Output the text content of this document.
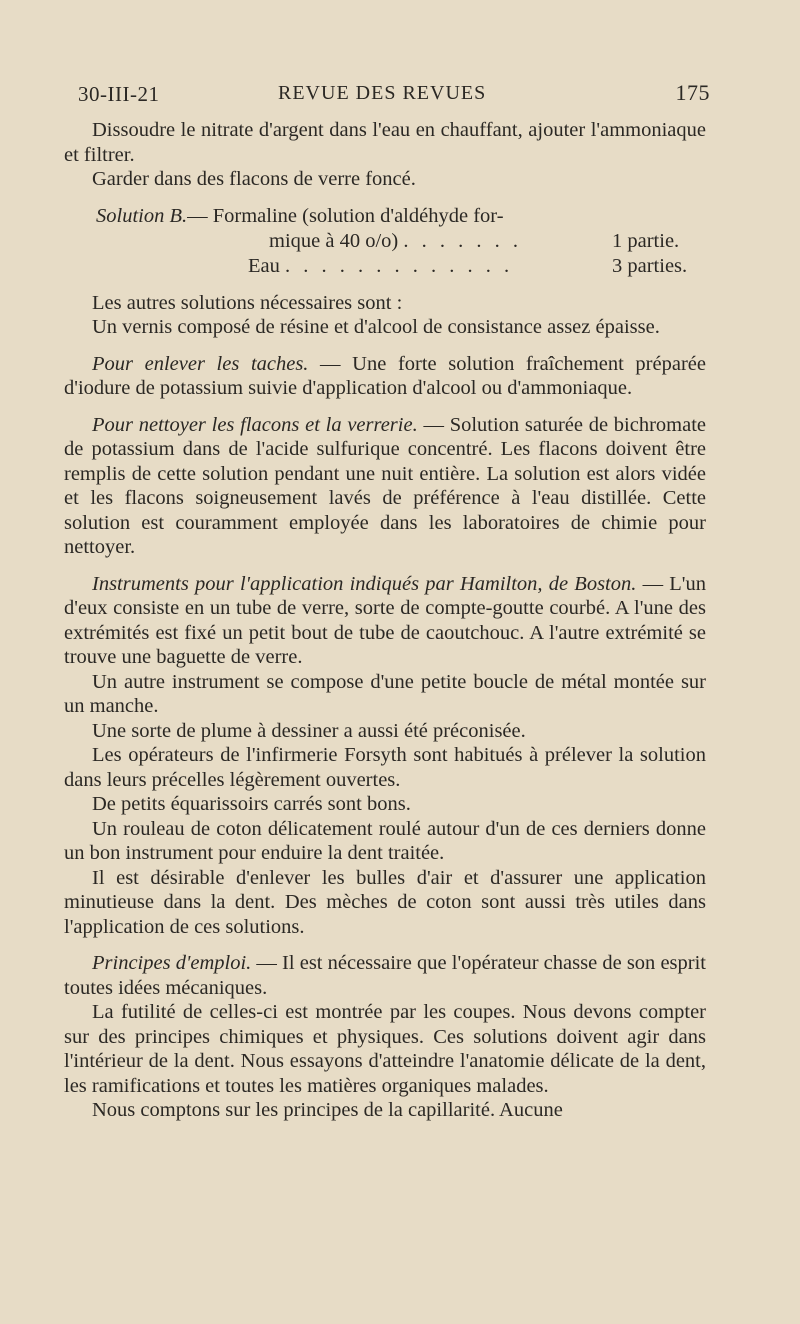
30-III-21	REVUE DES REVUES	175

Dissoudre le nitrate d'argent dans l'eau en chauffant, ajouter l'ammoniaque et filtrer.

Garder dans des flacons de verre foncé.

Solution B.— Formaline (solution d'aldéhyde for-
mique à 40 o/o) . . . . . . .	1 partie.
Eau . . . . . . . . . . . . .	3 parties.

Les autres solutions nécessaires sont :

Un vernis composé de résine et d'alcool de consistance assez épaisse.

Pour enlever les taches. — Une forte solution fraîchement préparée d'iodure de potassium suivie d'application d'alcool ou d'ammoniaque.

Pour nettoyer les flacons et la verrerie. — Solution saturée de bichromate de potassium dans de l'acide sulfurique concentré. Les flacons doivent être remplis de cette solution pendant une nuit entière. La solution est alors vidée et les flacons soigneusement lavés de préférence à l'eau distillée. Cette solution est couramment employée dans les laboratoires de chimie pour nettoyer.

Instruments pour l'application indiqués par Hamilton, de Boston. — L'un d'eux consiste en un tube de verre, sorte de compte-goutte courbé. A l'une des extrémités est fixé un petit bout de tube de caoutchouc. A l'autre extrémité se trouve une baguette de verre.

Un autre instrument se compose d'une petite boucle de métal montée sur un manche.

Une sorte de plume à dessiner a aussi été préconisée.

Les opérateurs de l'infirmerie Forsyth sont habitués à prélever la solution dans leurs précelles légèrement ouvertes.

De petits équarissoirs carrés sont bons.

Un rouleau de coton délicatement roulé autour d'un de ces derniers donne un bon instrument pour enduire la dent traitée.

Il est désirable d'enlever les bulles d'air et d'assurer une application minutieuse dans la dent. Des mèches de coton sont aussi très utiles dans l'application de ces solutions.

Principes d'emploi. — Il est nécessaire que l'opérateur chasse de son esprit toutes idées mécaniques.

La futilité de celles-ci est montrée par les coupes. Nous devons compter sur des principes chimiques et physiques. Ces solutions doivent agir dans l'intérieur de la dent. Nous essayons d'atteindre l'anatomie délicate de la dent, les ramifications et toutes les matières organiques malades.

Nous comptons sur les principes de la capillarité. Aucune
